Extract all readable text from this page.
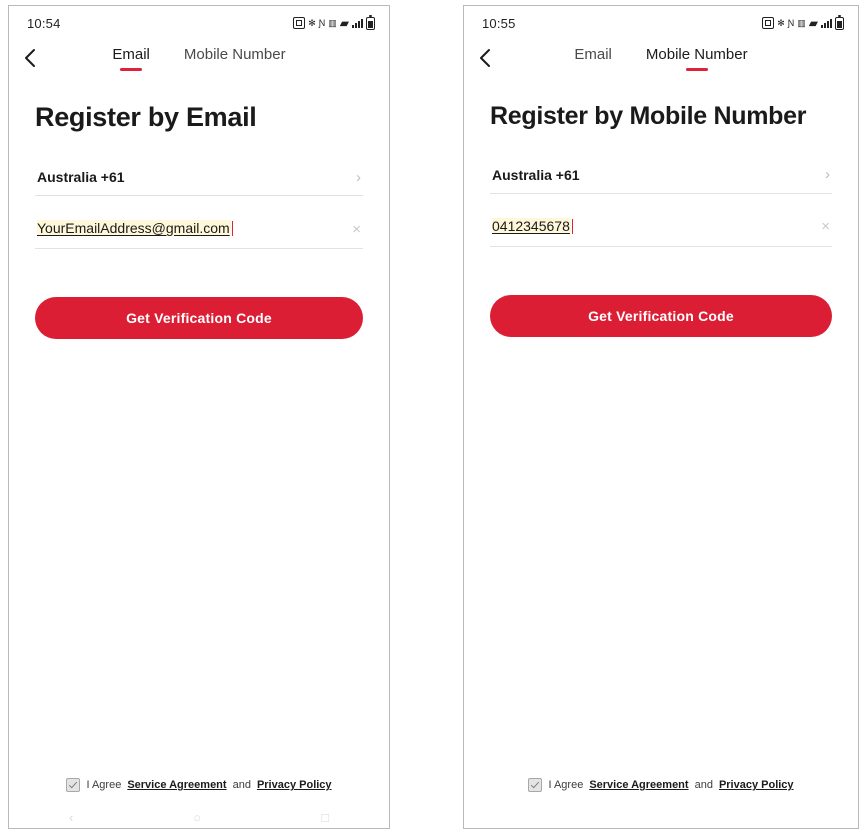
10:54	✻ Ɲ ▥ ▰
Email Mobile Number
Register by Email
Australia +61	›
YourEmailAddress@gmail.com	×
Get Verification Code
I Agree Service Agreement and Privacy Policy
‹	○	□
10:55	✻ Ɲ ▥ ▰
Email Mobile Number
Register by Mobile Number
Australia +61	›
0412345678	×
Get Verification Code
I Agree Service Agreement and Privacy Policy
